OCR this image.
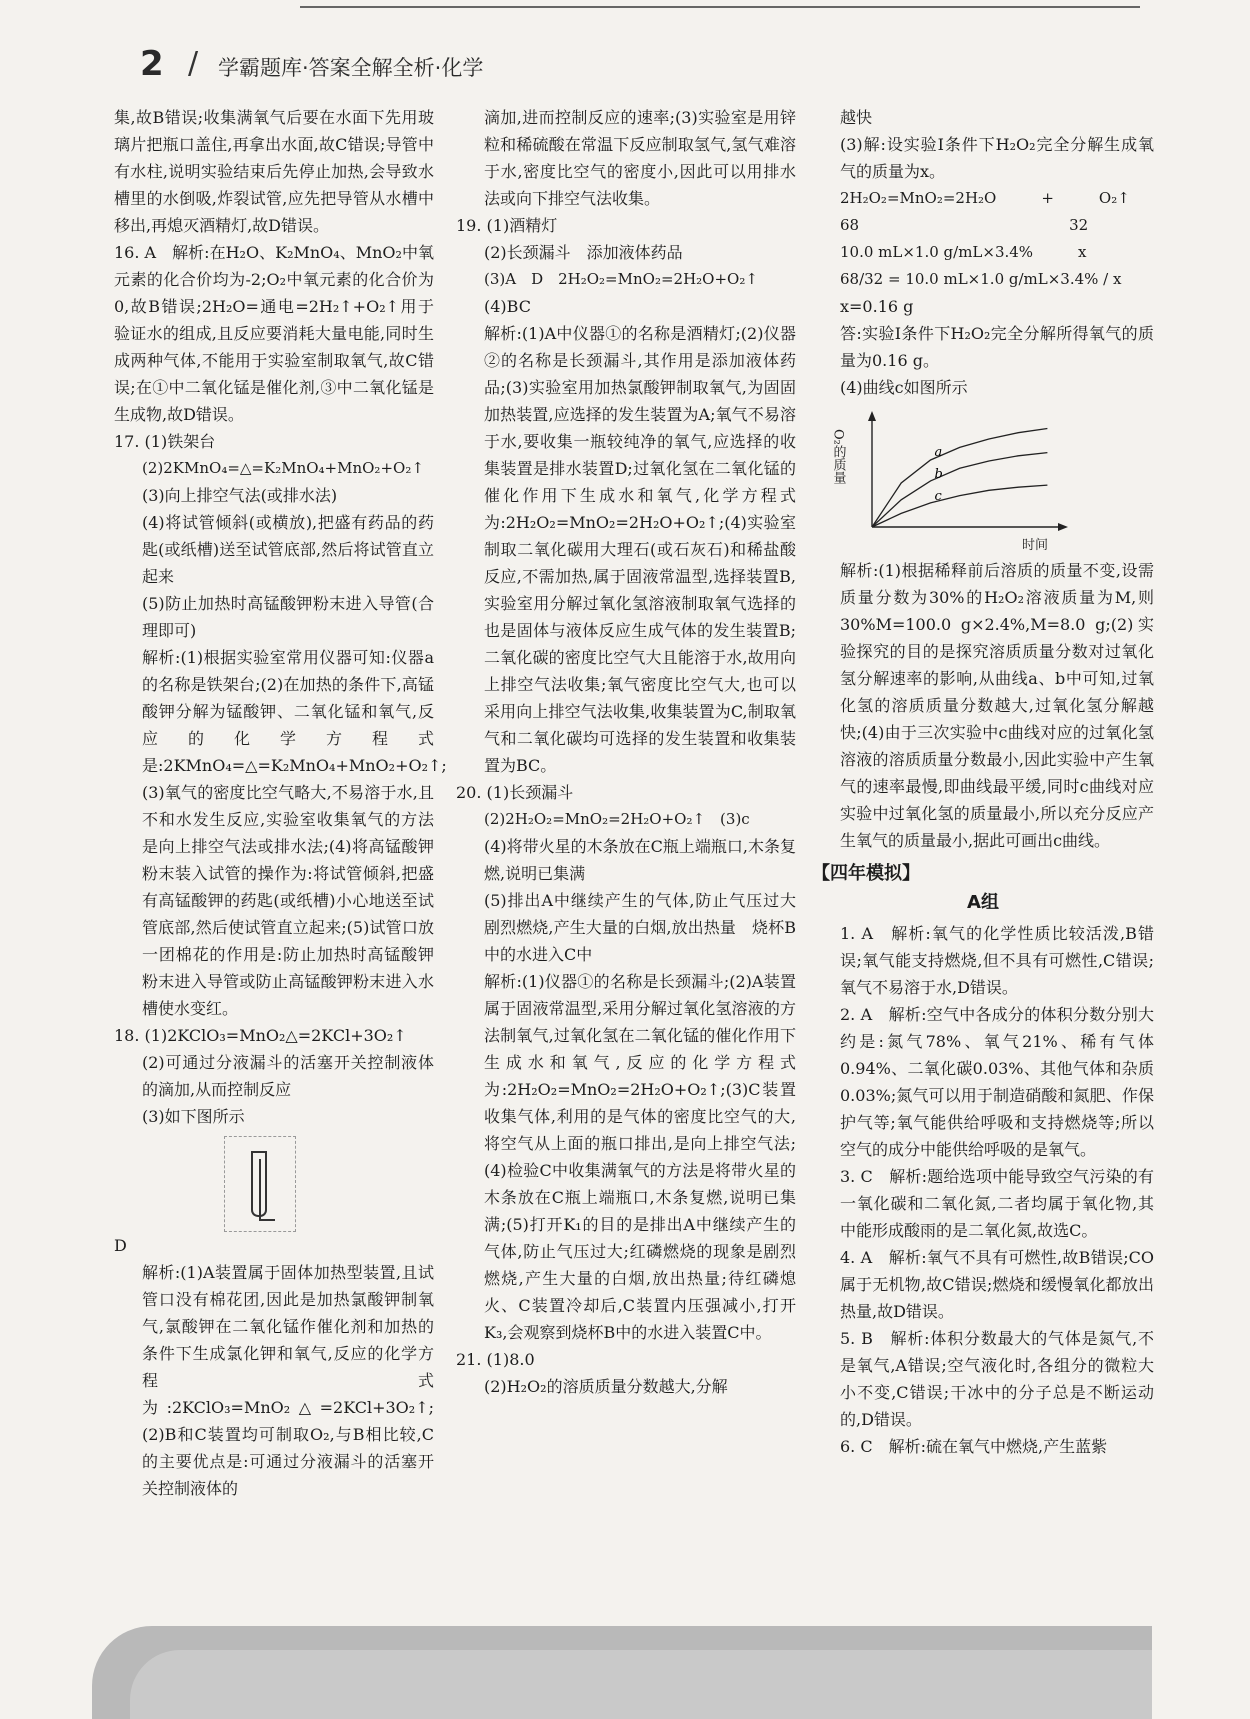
2 / 学霸题库·答案全解全析·化学

集,故B错误;收集满氧气后要在水面下先用玻璃片把瓶口盖住,再拿出水面,故C错误;导管中有水柱,说明实验结束后先停止加热,会导致水槽里的水倒吸,炸裂试管,应先把导管从水槽中移出,再熄灭酒精灯,故D错误。

16. A　解析:在H₂O、K₂MnO₄、MnO₂中氧元素的化合价均为-2;O₂中氧元素的化合价为0,故B错误;2H₂O=通电=2H₂↑+O₂↑用于验证水的组成,且反应要消耗大量电能,同时生成两种气体,不能用于实验室制取氧气,故C错误;在①中二氧化锰是催化剂,③中二氧化锰是生成物,故D错误。

17. (1)铁架台

(2)2KMnO₄=△=K₂MnO₄+MnO₂+O₂↑

(3)向上排空气法(或排水法)

(4)将试管倾斜(或横放),把盛有药品的药匙(或纸槽)送至试管底部,然后将试管直立起来

(5)防止加热时高锰酸钾粉末进入导管(合理即可)

解析:(1)根据实验室常用仪器可知:仪器a的名称是铁架台;(2)在加热的条件下,高锰酸钾分解为锰酸钾、二氧化锰和氧气,反应的化学方程式是:2KMnO₄=△=K₂MnO₄+MnO₂+O₂↑;(3)氧气的密度比空气略大,不易溶于水,且不和水发生反应,实验室收集氧气的方法是向上排空气法或排水法;(4)将高锰酸钾粉末装入试管的操作为:将试管倾斜,把盛有高锰酸钾的药匙(或纸槽)小心地送至试管底部,然后使试管直立起来;(5)试管口放一团棉花的作用是:防止加热时高锰酸钾粉末进入导管或防止高锰酸钾粉末进入水槽使水变红。

18. (1)2KClO₃=MnO₂△=2KCl+3O₂↑

(2)可通过分液漏斗的活塞开关控制液体的滴加,从而控制反应

(3)如下图所示

D

解析:(1)A装置属于固体加热型装置,且试管口没有棉花团,因此是加热氯酸钾制氧气,氯酸钾在二氧化锰作催化剂和加热的条件下生成氯化钾和氧气,反应的化学方程式为:2KClO₃=MnO₂△=2KCl+3O₂↑;(2)B和C装置均可制取O₂,与B相比较,C的主要优点是:可通过分液漏斗的活塞开关控制液体的

滴加,进而控制反应的速率;(3)实验室是用锌粒和稀硫酸在常温下反应制取氢气,氢气难溶于水,密度比空气的密度小,因此可以用排水法或向下排空气法收集。

19. (1)酒精灯

(2)长颈漏斗　添加液体药品

(3)A　D　2H₂O₂=MnO₂=2H₂O+O₂↑

(4)BC

解析:(1)A中仪器①的名称是酒精灯;(2)仪器②的名称是长颈漏斗,其作用是添加液体药品;(3)实验室用加热氯酸钾制取氧气,为固固加热装置,应选择的发生装置为A;氧气不易溶于水,要收集一瓶较纯净的氧气,应选择的收集装置是排水装置D;过氧化氢在二氧化锰的催化作用下生成水和氧气,化学方程式为:2H₂O₂=MnO₂=2H₂O+O₂↑;(4)实验室制取二氧化碳用大理石(或石灰石)和稀盐酸反应,不需加热,属于固液常温型,选择装置B,实验室用分解过氧化氢溶液制取氧气选择的也是固体与液体反应生成气体的发生装置B;二氧化碳的密度比空气大且能溶于水,故用向上排空气法收集;氧气密度比空气大,也可以采用向上排空气法收集,收集装置为C,制取氧气和二氧化碳均可选择的发生装置和收集装置为BC。

20. (1)长颈漏斗

(2)2H₂O₂=MnO₂=2H₂O+O₂↑　(3)c

(4)将带火星的木条放在C瓶上端瓶口,木条复燃,说明已集满

(5)排出A中继续产生的气体,防止气压过大　剧烈燃烧,产生大量的白烟,放出热量　烧杯B中的水进入C中

解析:(1)仪器①的名称是长颈漏斗;(2)A装置属于固液常温型,采用分解过氧化氢溶液的方法制氧气,过氧化氢在二氧化锰的催化作用下生成水和氧气,反应的化学方程式为:2H₂O₂=MnO₂=2H₂O+O₂↑;(3)C装置收集气体,利用的是气体的密度比空气的大,将空气从上面的瓶口排出,是向上排空气法;(4)检验C中收集满氧气的方法是将带火星的木条放在C瓶上端瓶口,木条复燃,说明已集满;(5)打开K₁的目的是排出A中继续产生的气体,防止气压过大;红磷燃烧的现象是剧烈燃烧,产生大量的白烟,放出热量;待红磷熄火、C装置冷却后,C装置内压强减小,打开K₃,会观察到烧杯B中的水进入装置C中。

21. (1)8.0

(2)H₂O₂的溶质质量分数越大,分解

越快

(3)解:设实验Ⅰ条件下H₂O₂完全分解生成氧气的质量为x。

2H₂O₂=MnO₂=2H₂O　　　+　　　O₂↑

68　　　　　　　　　　　　　　32

10.0 mL×1.0 g/mL×3.4%　　　x

68/32 = 10.0 mL×1.0 g/mL×3.4% / x

x=0.16 g

答:实验Ⅰ条件下H₂O₂完全分解所得氧气的质量为0.16 g。

(4)曲线c如图所示

O₂的质量
时间
a
b
c

解析:(1)根据稀释前后溶质的质量不变,设需质量分数为30%的H₂O₂溶液质量为M,则30%M=100.0 g×2.4%,M=8.0 g;(2)实验探究的目的是探究溶质质量分数对过氧化氢分解速率的影响,从曲线a、b中可知,过氧化氢的溶质质量分数越大,过氧化氢分解越快;(4)由于三次实验中c曲线对应的过氧化氢溶液的溶质质量分数最小,因此实验中产生氧气的速率最慢,即曲线最平缓,同时c曲线对应实验中过氧化氢的质量最小,所以充分反应产生氧气的质量最小,据此可画出c曲线。

【四年模拟】
A组

1. A　解析:氧气的化学性质比较活泼,B错误;氧气能支持燃烧,但不具有可燃性,C错误;氧气不易溶于水,D错误。

2. A　解析:空气中各成分的体积分数分别大约是:氮气78%、氧气21%、稀有气体0.94%、二氧化碳0.03%、其他气体和杂质0.03%;氮气可以用于制造硝酸和氮肥、作保护气等;氧气能供给呼吸和支持燃烧等;所以空气的成分中能供给呼吸的是氧气。

3. C　解析:题给选项中能导致空气污染的有一氧化碳和二氧化氮,二者均属于氧化物,其中能形成酸雨的是二氧化氮,故选C。

4. A　解析:氧气不具有可燃性,故B错误;CO属于无机物,故C错误;燃烧和缓慢氧化都放出热量,故D错误。

5. B　解析:体积分数最大的气体是氮气,不是氧气,A错误;空气液化时,各组分的微粒大小不变,C错误;干冰中的分子总是不断运动的,D错误。

6. C　解析:硫在氧气中燃烧,产生蓝紫
